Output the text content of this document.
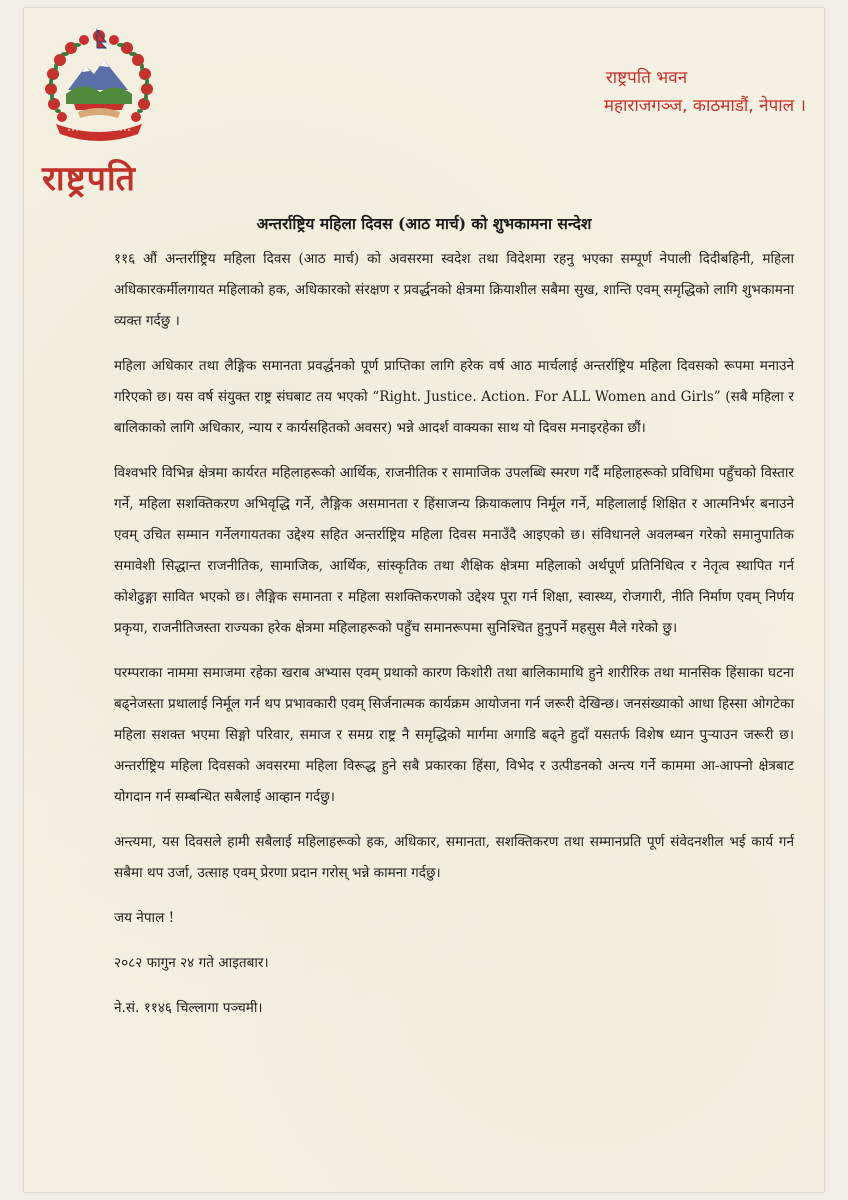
राष्ट्रपति
राष्ट्रपति भवन
महाराजगञ्ज, काठमाडौं, नेपाल ।
अन्तर्राष्ट्रिय महिला दिवस (आठ मार्च) को शुभकामना सन्देश

११६ औं अन्तर्राष्ट्रिय महिला दिवस (आठ मार्च) को अवसरमा स्वदेश तथा विदेशमा रहनु भएका सम्पूर्ण नेपाली दिदीबहिनी, महिला अधिकारकर्मीलगायत महिलाको हक, अधिकारको संरक्षण र प्रवर्द्धनको क्षेत्रमा क्रियाशील सबैमा सुख, शान्ति एवम् समृद्धिको लागि शुभकामना व्यक्त गर्दछु ।

महिला अधिकार तथा लैङ्गिक समानता प्रवर्द्धनको पूर्ण प्राप्तिका लागि हरेक वर्ष आठ मार्चलाई अन्तर्राष्ट्रिय महिला दिवसको रूपमा मनाउने गरिएको छ। यस वर्ष संयुक्त राष्ट्र संघबाट तय भएको “Right. Justice. Action. For ALL Women and Girls” (सबै महिला र बालिकाको लागि अधिकार, न्याय र कार्यसहितको अवसर) भन्ने आदर्श वाक्यका साथ यो दिवस मनाइरहेका छौं।

विश्वभरि विभिन्न क्षेत्रमा कार्यरत महिलाहरूको आर्थिक, राजनीतिक र सामाजिक उपलब्धि स्मरण गर्दै महिलाहरूको प्रविधिमा पहुँचको विस्तार गर्ने, महिला सशक्तिकरण अभिवृद्धि गर्ने, लैङ्गिक असमानता र हिंसाजन्य क्रियाकलाप निर्मूल गर्ने, महिलालाई शिक्षित र आत्मनिर्भर बनाउने एवम् उचित सम्मान गर्नेलगायतका उद्देश्य सहित अन्तर्राष्ट्रिय महिला दिवस मनाउँदै आइएको छ। संविधानले अवलम्बन गरेको समानुपातिक समावेशी सिद्धान्त राजनीतिक, सामाजिक, आर्थिक, सांस्कृतिक तथा शैक्षिक क्षेत्रमा महिलाको अर्थपूर्ण प्रतिनिधित्व र नेतृत्व स्थापित गर्न कोशेढुङ्गा सावित भएको छ। लैङ्गिक समानता र महिला सशक्तिकरणको उद्देश्य पूरा गर्न शिक्षा, स्वास्थ्य, रोजगारी, नीति निर्माण एवम् निर्णय प्रकृया, राजनीतिजस्ता राज्यका हरेक क्षेत्रमा महिलाहरूको पहुँच समानरूपमा सुनिश्चित हुनुपर्ने महसुस मैले गरेको छु।

परम्पराका नाममा समाजमा रहेका खराब अभ्यास एवम् प्रथाको कारण किशोरी तथा बालिकामाथि हुने शारीरिक तथा मानसिक हिंसाका घटना बढ्नेजस्ता प्रथालाई निर्मूल गर्न थप प्रभावकारी एवम् सिर्जनात्मक कार्यक्रम आयोजना गर्न जरूरी देखिन्छ। जनसंख्याको आधा हिस्सा ओगटेका महिला सशक्त भएमा सिङ्गो परिवार, समाज र समग्र राष्ट्र नै समृद्धिको मार्गमा अगाडि बढ्ने हुदाँ यसतर्फ विशेष ध्यान पुऱ्याउन जरूरी छ। अन्तर्राष्ट्रिय महिला दिवसको अवसरमा महिला विरूद्ध हुने सबै प्रकारका हिंसा, विभेद र उत्पीडनको अन्त्य गर्ने काममा आ-आफ्नो क्षेत्रबाट योगदान गर्न सम्बन्धित सबैलाई आव्हान गर्दछु।

अन्त्यमा, यस दिवसले हामी सबैलाई महिलाहरूको हक, अधिकार, समानता, सशक्तिकरण तथा सम्मानप्रति पूर्ण संवेदनशील भई कार्य गर्न सबैमा थप उर्जा, उत्साह एवम् प्रेरणा प्रदान गरोस् भन्ने कामना गर्दछु।

जय नेपाल !

२०८२ फागुन २४ गते आइतबार।

ने.सं. ११४६ चिल्लागा पञ्चमी।
